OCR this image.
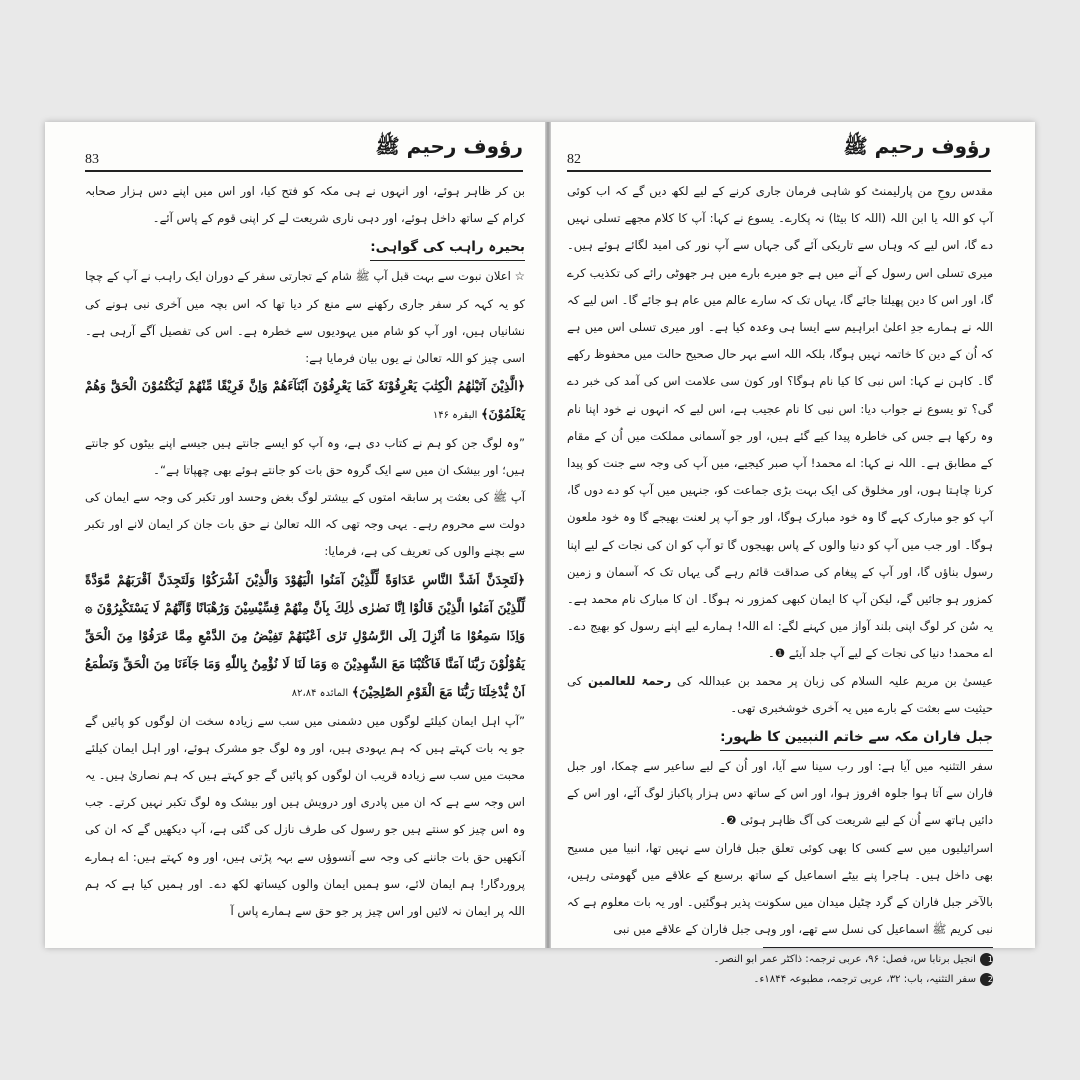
رؤوف رحیم ﷺ
83

بن کر ظاہر ہوئے، اور انہوں نے ہی مکہ کو فتح کیا، اور اس میں اپنے دس ہزار صحابہ کرام کے ساتھ داخل ہوئے، اور دہی ناری شریعت لے کر اپنی قوم کے پاس آئے۔

بحیرہ راہب کی گواہی:

☆ اعلان نبوت سے بہت قبل آپ ﷺ شام کے تجارتی سفر کے دوران ایک راہب نے آپ کے چچا کو یہ کہہ کر سفر جاری رکھنے سے منع کر دیا تھا کہ اس بچہ میں آخری نبی ہونے کی نشانیاں ہیں، اور آپ کو شام میں یہودیوں سے خطرہ ہے۔ اس کی تفصیل آگے آرہی ہے۔ اسی چیز کو اللہ تعالیٰ نے یوں بیان فرمایا ہے:

﴿الَّذِيْنَ آتَيْنٰهُمُ الْكِتٰبَ يَعْرِفُوْنَهٗ كَمَا يَعْرِفُوْنَ اَبْنَآءَهُمْ وَاِنَّ فَرِيْقًا مِّنْهُمْ لَيَكْتُمُوْنَ الْحَقَّ وَهُمْ يَعْلَمُوْنَ﴾ البقرہ ۱۴۶

”وہ لوگ جن کو ہم نے کتاب دی ہے، وہ آپ کو ایسے جانتے ہیں جیسے اپنے بیٹوں کو جانتے ہیں؛ اور بیشک ان میں سے ایک گروہ حق بات کو جانتے ہوئے بھی چھپاتا ہے“۔

آپ ﷺ کی بعثت پر سابقہ امتوں کے بیشتر لوگ بغض وحسد اور تکبر کی وجہ سے ایمان کی دولت سے محروم رہے۔ یہی وجہ تھی کہ اللہ تعالیٰ نے حق بات جان کر ایمان لانے اور تکبر سے بچنے والوں کی تعریف کی ہے، فرمایا:

﴿لَتَجِدَنَّ اَشَدَّ النَّاسِ عَدَاوَةً لِّلَّذِيْنَ آمَنُوا الْيَهُوْدَ وَالَّذِيْنَ اَشْرَكُوْا وَلَتَجِدَنَّ اَقْرَبَهُمْ مَّوَدَّةً لِّلَّذِيْنَ آمَنُوا الَّذِيْنَ قَالُوْا اِنَّا نَصٰرٰى ذٰلِكَ بِاَنَّ مِنْهُمْ قِسِّيْسِيْنَ وَرُهْبَانًا وَّاَنَّهُمْ لَا يَسْتَكْبِرُوْنَ ۞ وَاِذَا سَمِعُوْا مَا اُنْزِلَ اِلَى الرَّسُوْلِ تَرٰى اَعْيُنَهُمْ تَفِيْضُ مِنَ الدَّمْعِ مِمَّا عَرَفُوْا مِنَ الْحَقِّ يَقُوْلُوْنَ رَبَّنَا آمَنَّا فَاكْتُبْنَا مَعَ الشّٰهِدِيْنَ ۞ وَمَا لَنَا لَا نُؤْمِنُ بِاللّٰهِ وَمَا جَآءَنَا مِنَ الْحَقِّ وَنَطْمَعُ اَنْ يُّدْخِلَنَا رَبُّنَا مَعَ الْقَوْمِ الصّٰلِحِيْنَ﴾ المائدہ ۸۲،۸۴

”آپ اہل ایمان کیلئے لوگوں میں دشمنی میں سب سے زیادہ سخت ان لوگوں کو پائیں گے جو یہ بات کہتے ہیں کہ ہم یہودی ہیں، اور وہ لوگ جو مشرک ہوئے، اور اہل ایمان کیلئے محبت میں سب سے زیادہ قریب ان لوگوں کو پائیں گے جو کہتے ہیں کہ ہم نصاریٰ ہیں۔ یہ اس وجہ سے ہے کہ ان میں پادری اور درویش ہیں اور بیشک وہ لوگ تکبر نہیں کرتے۔ جب وہ اس چیز کو سنتے ہیں جو رسول کی طرف نازل کی گئی ہے، آپ دیکھیں گے کہ ان کی آنکھیں حق بات جاننے کی وجہ سے آنسوؤں سے بہہ پڑتی ہیں، اور وہ کہتے ہیں: اے ہمارے پروردگار! ہم ایمان لائے، سو ہمیں ایمان والوں کیساتھ لکھ دے۔ اور ہمیں کیا ہے کہ ہم اللہ پر ایمان نہ لائیں اور اس چیز پر جو حق سے ہمارے پاس آ

رؤوف رحیم ﷺ
82

مقدس روحِ من پارلیمنٹ کو شاہی فرمان جاری کرنے کے لیے لکھ دیں گے کہ اب کوئی آپ کو اللہ یا ابن اللہ (اللہ کا بیٹا) نہ پکارے۔ یسوع نے کہا: آپ کا کلام مجھے تسلی نہیں دے گا، اس لیے کہ وہاں سے تاریکی آئے گی جہاں سے آپ نور کی امید لگائے ہوئے ہیں۔ میری تسلی اس رسول کے آنے میں ہے جو میرے بارے میں ہر جھوٹی رائے کی تکذیب کرے گا، اور اس کا دین پھیلتا جائے گا، یہاں تک کہ سارے عالم میں عام ہو جائے گا۔ اس لیے کہ اللہ نے ہمارے جدِ اعلیٰ ابراہیم سے ایسا ہی وعدہ کیا ہے۔ اور میری تسلی اس میں ہے کہ اُن کے دین کا خاتمہ نہیں ہوگا، بلکہ اللہ اسے بہر حال صحیح حالت میں محفوظ رکھے گا۔ کاہن نے کہا: اس نبی کا کیا نام ہوگا؟ اور کون سی علامت اس کی آمد کی خبر دے گی؟ تو یسوع نے جواب دیا: اس نبی کا نام عجیب ہے، اس لیے کہ انہوں نے خود اپنا نام وہ رکھا ہے جس کی خاطرہ پیدا کیے گئے ہیں، اور جو آسمانی مملکت میں اُن کے مقام کے مطابق ہے۔ اللہ نے کہا: اے محمد! آپ صبر کیجیے، میں آپ کی وجہ سے جنت کو پیدا کرنا چاہتا ہوں، اور مخلوق کی ایک بہت بڑی جماعت کو، جنہیں میں آپ کو دے دوں گا، آپ کو جو مبارک کہے گا وہ خود مبارک ہوگا، اور جو آپ پر لعنت بھیجے گا وہ خود ملعون ہوگا۔ اور جب میں آپ کو دنیا والوں کے پاس بھیجوں گا تو آپ کو ان کی نجات کے لیے اپنا رسول بناؤں گا، اور آپ کے پیغام کی صداقت قائم رہے گی یہاں تک کہ آسمان و زمین کمزور ہو جائیں گے، لیکن آپ کا ایمان کبھی کمزور نہ ہوگا۔ ان کا مبارک نام محمد ہے۔ یہ سُن کر لوگ اپنی بلند آواز میں کہنے لگے: اے اللہ! ہمارے لیے اپنے رسول کو بھیج دے۔ اے محمد! دنیا کی نجات کے لیے آپ جلد آیئے ❶۔

عیسیٰ بن مریم علیہ السلام کی زبان پر محمد بن عبداللہ کی رحمۃ للعالمین کی حیثیت سے بعثت کے بارے میں یہ آخری خوشخبری تھی۔

جبل فاران مکہ سے خاتم النبیین کا ظہور:

سفر التثنیہ میں آیا ہے: اور رب سینا سے آیا، اور اُن کے لیے ساعیر سے چمکا، اور جبل فاران سے آتا ہوا جلوہ افروز ہوا، اور اس کے ساتھ دس ہزار پاکباز لوگ آئے، اور اس کے دائیں ہاتھ سے اُن کے لیے شریعت کی آگ ظاہر ہوئی ❷۔

اسرائیلیوں میں سے کسی کا بھی کوئی تعلق جبل فاران سے نہیں تھا، انبیا میں مسیح بھی داخل ہیں۔ ہاجرا پنے بیٹے اسماعیل کے ساتھ برسبع کے علاقے میں گھومتی رہیں، بالآخر جبل فاران کے گرد چٹیل میدان میں سکونت پذیر ہوگئیں۔ اور یہ بات معلوم ہے کہ نبی کریم ﷺ اسماعیل کی نسل سے تھے، اور وہی جبل فاران کے علاقے میں نبی

1انجیل برنابا س، فصل: ۹۶، عربی ترجمہ: ذاکٹر عمر ابو النصر۔

2سفر التثنیہ، باب: ۳۲، عربی ترجمہ، مطبوعہ ۱۸۴۴ء۔
